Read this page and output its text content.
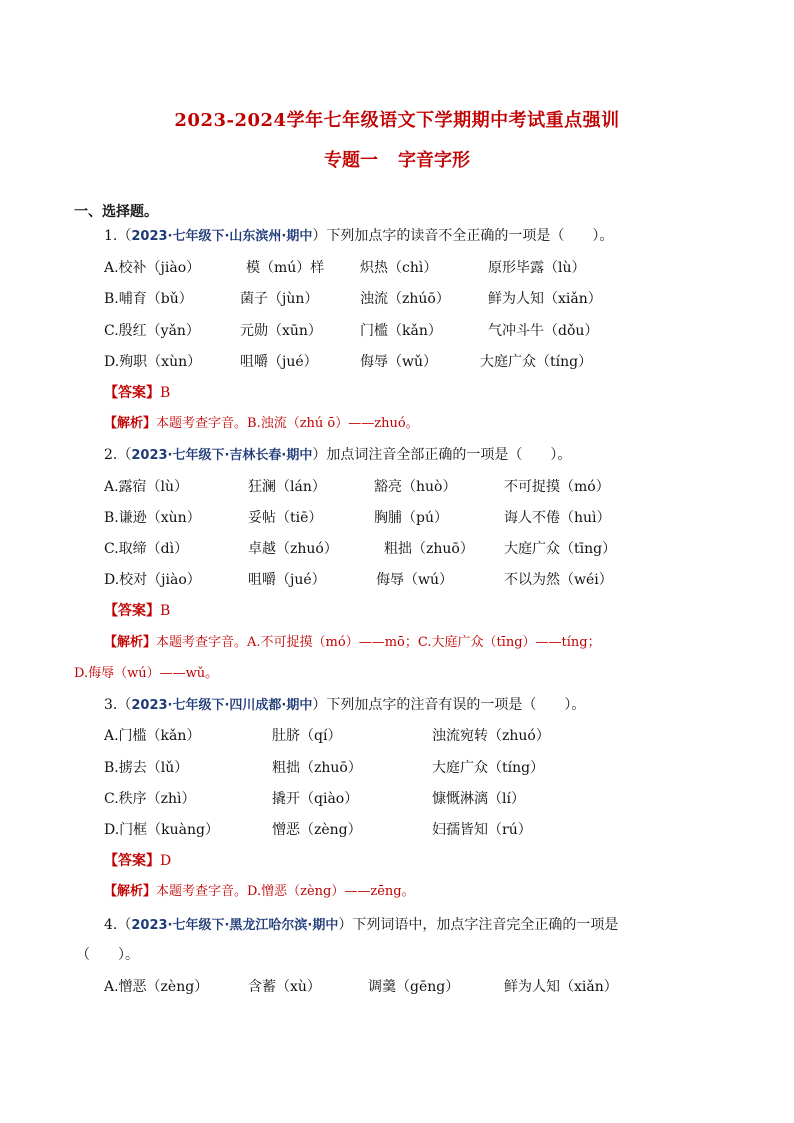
2023-2024学年七年级语文下学期期中考试重点强训
专题一 字音字形
一、选择题。
1.（2023·七年级下·山东滨州·期中）下列加点字的读音不全正确的一项是（　　）。
A.校补（jiào）	模（mú）样	炽热（chì）	原形毕露（lù）
B.哺育（bǔ）	菌子（jùn）	浊流（zhúō）	鲜为人知（xiǎn）
C.殷红（yǎn）	元勋（xūn）	门槛（kǎn）	气冲斗牛（dǒu）
D.殉职（xùn）	咀嚼（jué）	侮辱（wǔ）	大庭广众（tíng）
【答案】B
【解析】本题考查字音。B.浊流（zhú ō）——zhuó。
2.（2023·七年级下·吉林长春·期中）加点词注音全部正确的一项是（　　）。
A.露宿（lù）	狂澜（lán）	豁亮（huò）	不可捉摸（mó）
B.谦逊（xùn）	妥帖（tiē）	胸脯（pú）	诲人不倦（huì）
C.取缔（dì）	卓越（zhuó）	粗拙（zhuō） 大庭广众（tīng）
D.校对（jiào）	咀嚼（jué）	侮辱（wú）	不以为然（wéi）
【答案】B
【解析】本题考查字音。A.不可捉摸（mó）——mō；C.大庭广众（tīng）——tíng；
D.侮辱（wú）——wǔ。
3.（2023·七年级下·四川成都·期中）下列加点字的注音有误的一项是（　　）。
A.门槛（kǎn）	肚脐（qí）	浊流宛转（zhuó）
B.掳去（lǔ）	粗拙（zhuō）	大庭广众（tíng）
C.秩序（zhì）	撬开（qiào）	慷慨淋漓（lí）
D.门框（kuàng）	憎恶（zèng）	妇孺皆知（rú）
【答案】D
【解析】本题考查字音。D.憎恶（zèng）——zēng。
4.（2023·七年级下·黑龙江哈尔滨·期中）下列词语中，加点字注音完全正确的一项是
（　　）。
A.憎恶（zèng）	含蓄（xù）	调羹（gēng）	鲜为人知（xiǎn）
